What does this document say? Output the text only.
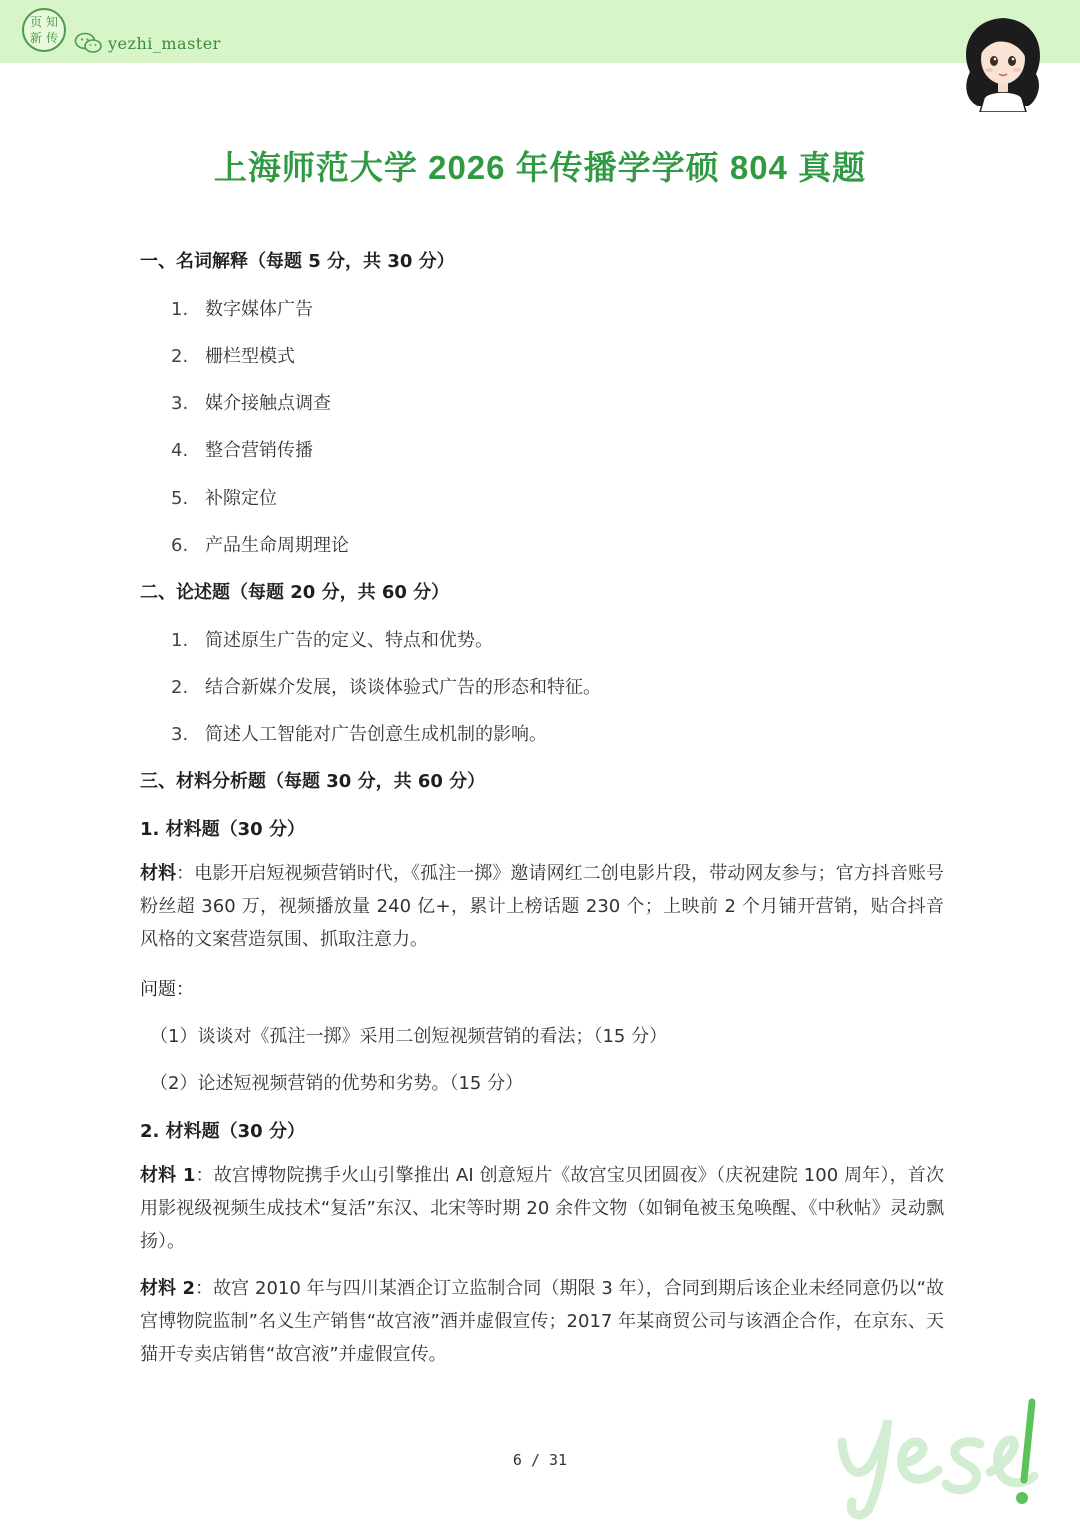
页 知
新 传	yezhi_master
上海师范大学 2026 年传播学学硕 804 真题
一、名词解释（每题 5 分，共 30 分）
1. 数字媒体广告
2. 栅栏型模式
3. 媒介接触点调查
4. 整合营销传播
5. 补隙定位
6. 产品生命周期理论
二、论述题（每题 20 分，共 60 分）
1. 简述原生广告的定义、特点和优势。
2. 结合新媒介发展，谈谈体验式广告的形态和特征。
3. 简述人工智能对广告创意生成机制的影响。
三、材料分析题（每题 30 分，共 60 分）
1. 材料题（30 分）
材料：电影开启短视频营销时代，《孤注一掷》邀请网红二创电影片段，带动网友参与；官方抖音账号粉丝超 360 万，视频播放量 240 亿+，累计上榜话题 230 个；上映前 2 个月铺开营销，贴合抖音风格的文案营造氛围、抓取注意力。
问题：
（1）谈谈对《孤注一掷》采用二创短视频营销的看法；（15 分）
（2）论述短视频营销的优势和劣势。（15 分）
2. 材料题（30 分）
材料 1：故宫博物院携手火山引擎推出 AI 创意短片《故宫宝贝团圆夜》（庆祝建院 100 周年），首次用影视级视频生成技术“复活”东汉、北宋等时期 20 余件文物（如铜龟被玉兔唤醒、《中秋帖》灵动飘扬）。
材料 2：故宫 2010 年与四川某酒企订立监制合同（期限 3 年），合同到期后该企业未经同意仍以“故宫博物院监制”名义生产销售“故宫液”酒并虚假宣传；2017 年某商贸公司与该酒企合作，在京东、天猫开专卖店销售“故宫液”并虚假宣传。
6 / 31
